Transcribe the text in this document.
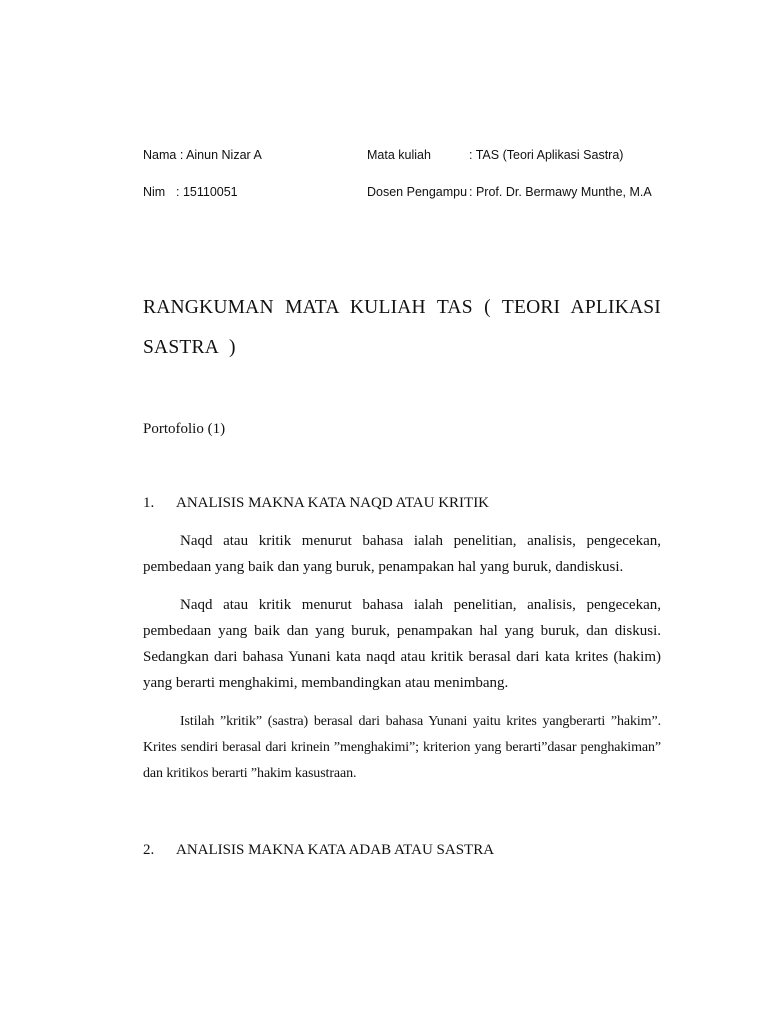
Nama : Ainun Nizar A	Mata kuliah	: TAS (Teori Aplikasi Sastra)
Nim : 15110051	Dosen Pengampu : Prof. Dr. Bermawy Munthe, M.A
RANGKUMAN MATA KULIAH TAS ( TEORI APLIKASI SASTRA )
Portofolio (1)
1. ANALISIS MAKNA KATA NAQD ATAU KRITIK
Naqd atau kritik menurut bahasa ialah penelitian, analisis, pengecekan, pembedaan yang baik dan yang buruk, penampakan hal yang buruk, dandiskusi.
Naqd atau kritik menurut bahasa ialah penelitian, analisis, pengecekan, pembedaan yang baik dan yang buruk, penampakan hal yang buruk, dan diskusi. Sedangkan dari bahasa Yunani kata naqd atau kritik berasal dari kata krites (hakim) yang berarti menghakimi, membandingkan atau menimbang.
Istilah ”kritik” (sastra) berasal dari bahasa Yunani yaitu krites yangberarti ”hakim”. Krites sendiri berasal dari krinein ”menghakimi”; kriterion yang berarti”dasar penghakiman” dan kritikos berarti ”hakim kasustraan.
2. ANALISIS MAKNA KATA ADAB ATAU SASTRA
